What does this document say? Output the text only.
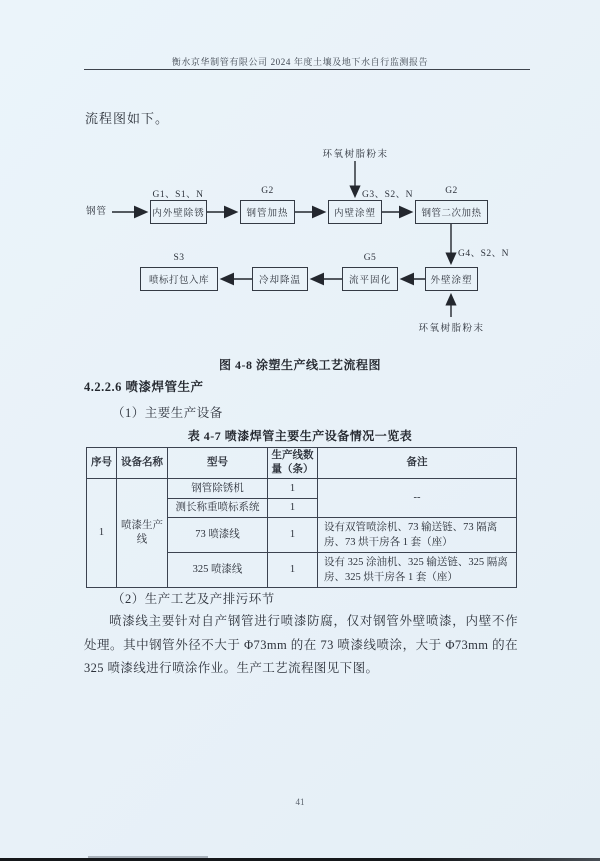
衡水京华制管有限公司 2024 年度土壤及地下水自行监测报告
流程图如下。
环氧树脂粉末
钢管
G1、S1、N	G2	G3、S2、N	G2
内外壁除锈	钢管加热	内壁涂塑	钢管二次加热
G4、S2、N
S3	G5
喷标打包入库	冷却降温	流平固化	外壁涂塑
环氧树脂粉末
图 4-8 涂塑生产线工艺流程图
4.2.2.6 喷漆焊管生产
（1）主要生产设备
表 4-7 喷漆焊管主要生产设备情况一览表
序号	设备名称	型号	生产线数量（条）	备注
1	喷漆生产线	钢管除锈机	1	--
		测长称重喷标系统	1	
		73 喷漆线	1	设有双管喷涂机、73 输送链、73 隔离房、73 烘干房各 1 套（座）
		325 喷漆线	1	设有 325 涂油机、325 输送链、325 隔离房、325 烘干房各 1 套（座）
（2）生产工艺及产排污环节
喷漆线主要针对自产钢管进行喷漆防腐，仅对钢管外壁喷漆，内壁不作处理。其中钢管外径不大于 Φ73mm 的在 73 喷漆线喷涂，大于 Φ73mm 的在 325 喷漆线进行喷涂作业。生产工艺流程图见下图。
41
